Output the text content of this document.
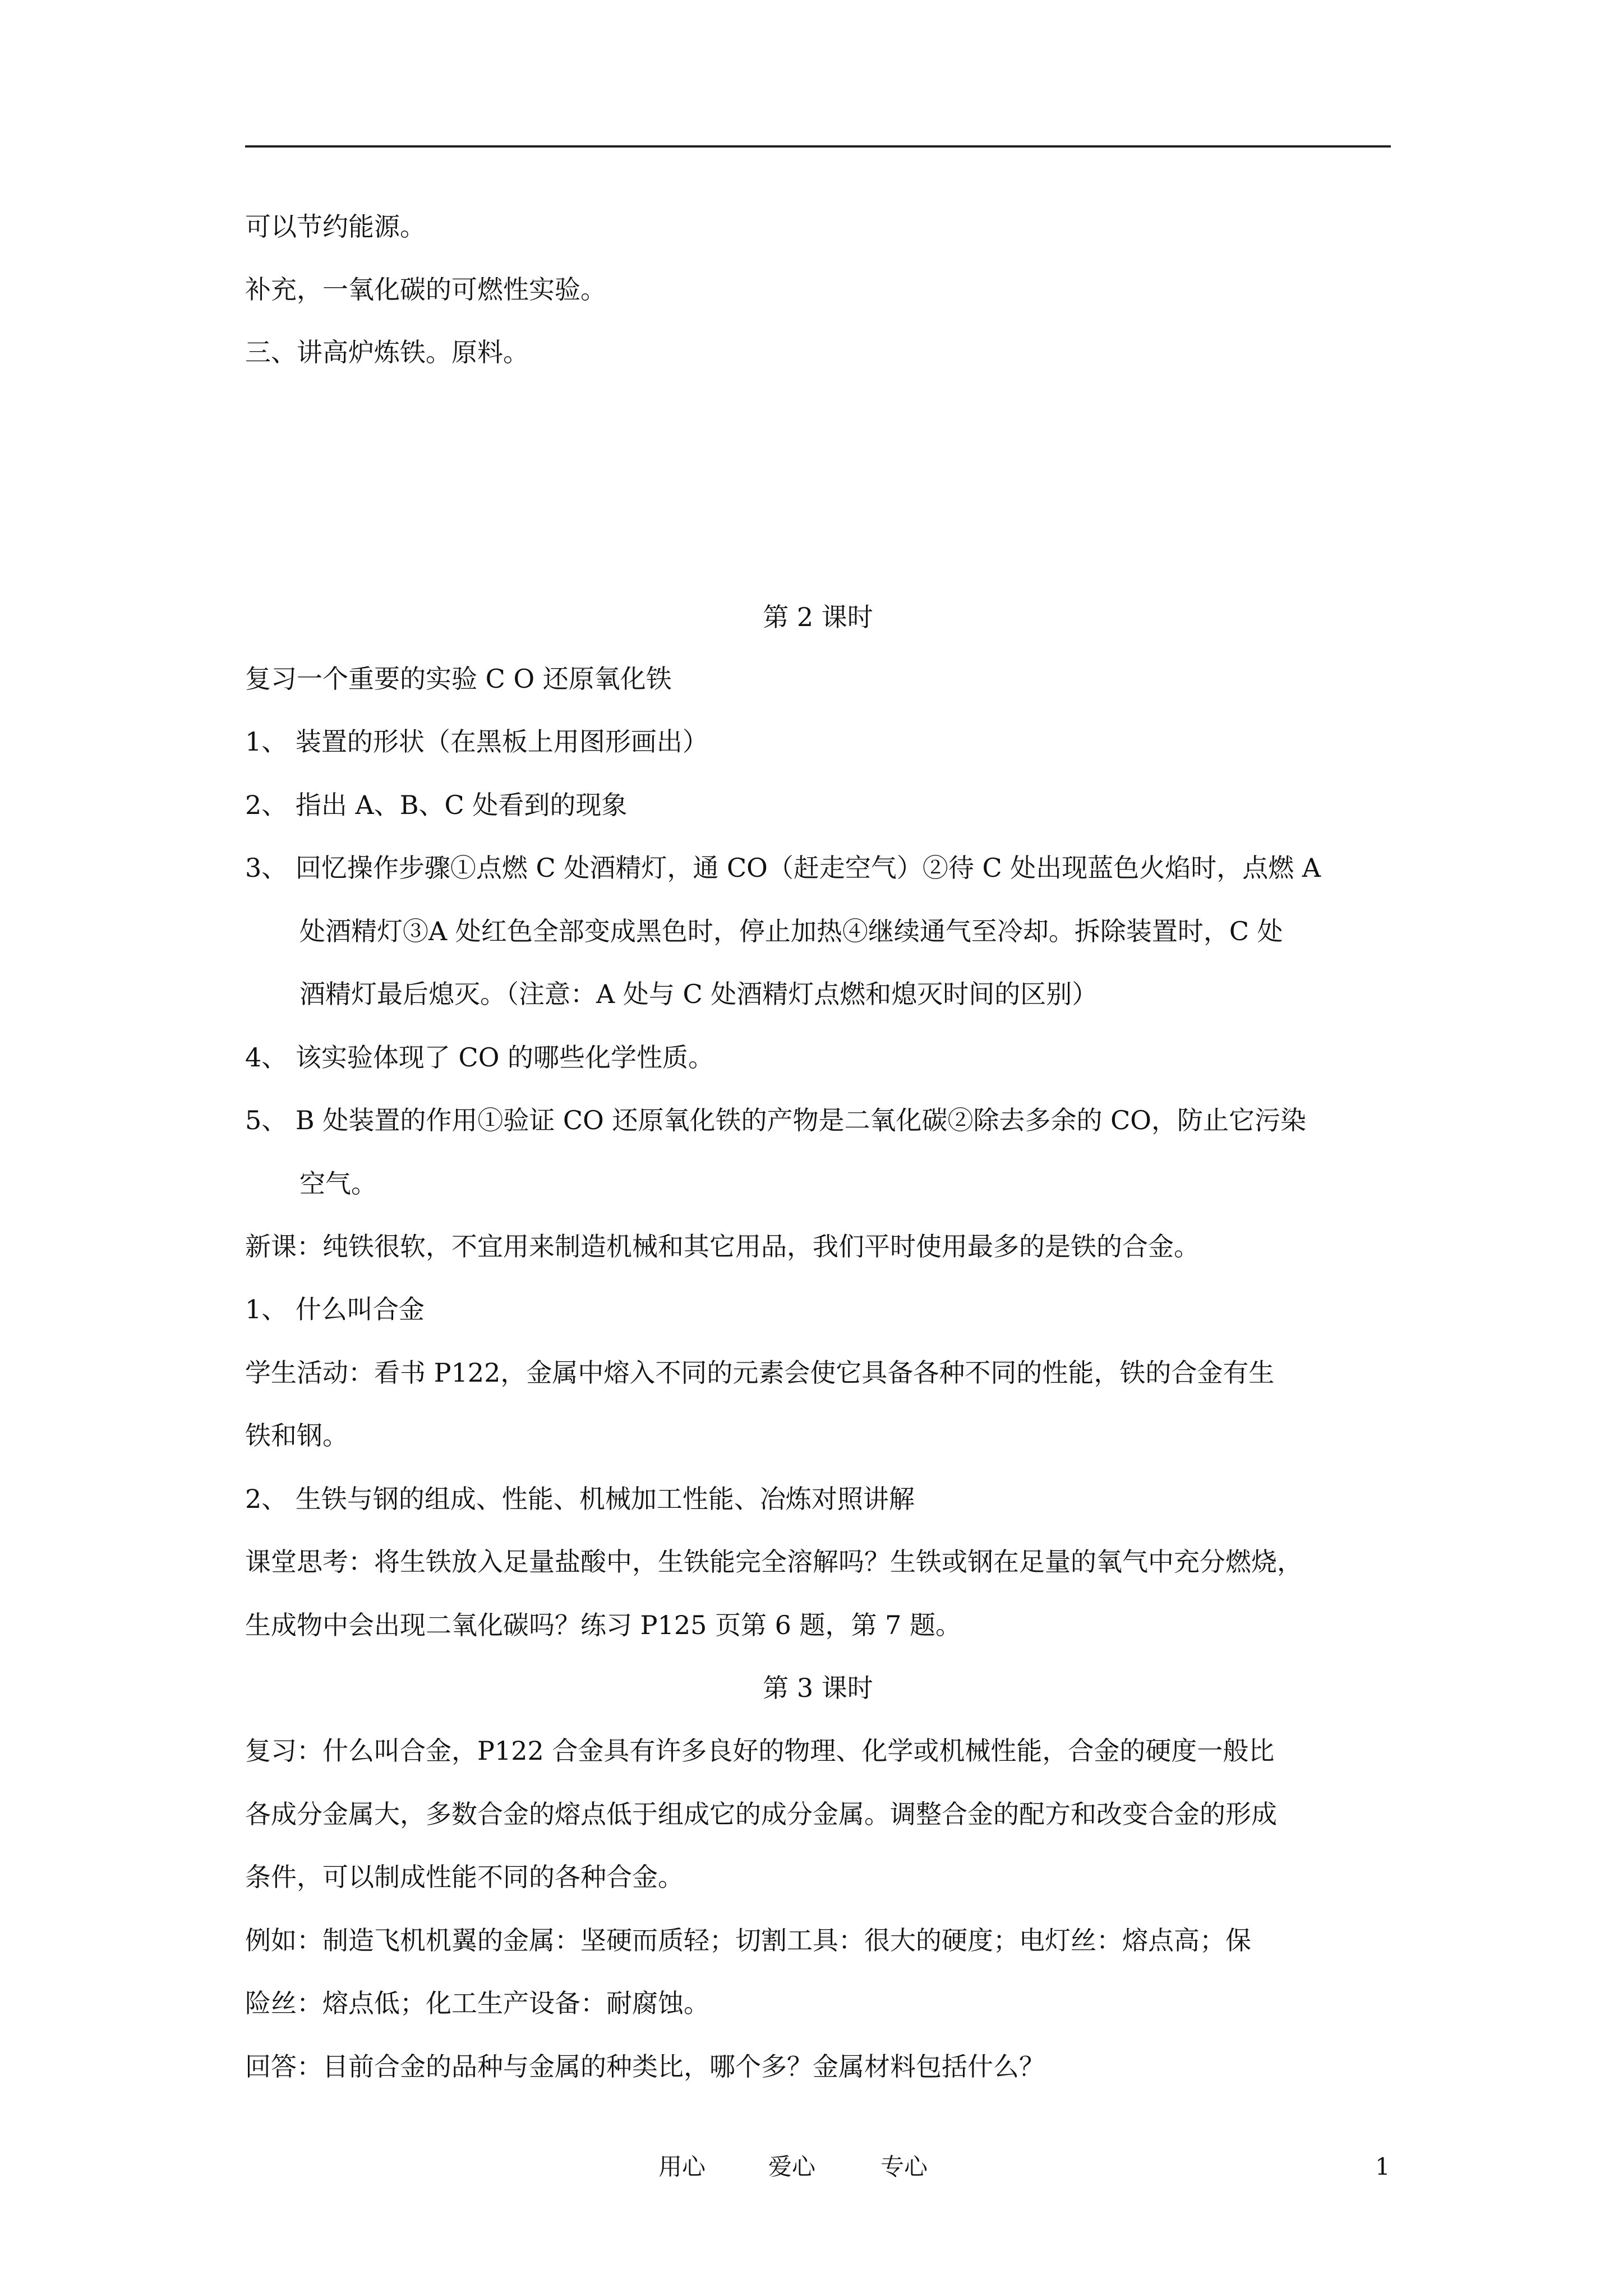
可以节约能源。
补充，一氧化碳的可燃性实验。
三、讲高炉炼铁。原料。
第 2 课时
复习一个重要的实验 C O 还原氧化铁
1、 装置的形状（在黑板上用图形画出）
2、 指出 A、B、C 处看到的现象
3、 回忆操作步骤①点燃 C 处酒精灯，通 CO（赶走空气）②待 C 处出现蓝色火焰时，点燃 A
处酒精灯③A 处红色全部变成黑色时，停止加热④继续通气至冷却。拆除装置时，C 处
酒精灯最后熄灭。（注意：A 处与 C 处酒精灯点燃和熄灭时间的区别）
4、 该实验体现了 CO 的哪些化学性质。
5、 B 处装置的作用①验证 CO 还原氧化铁的产物是二氧化碳②除去多余的 CO，防止它污染
空气。
新课：纯铁很软，不宜用来制造机械和其它用品，我们平时使用最多的是铁的合金。
1、 什么叫合金
学生活动：看书 P122，金属中熔入不同的元素会使它具备各种不同的性能，铁的合金有生
铁和钢。
2、 生铁与钢的组成、性能、机械加工性能、冶炼对照讲解
课堂思考：将生铁放入足量盐酸中，生铁能完全溶解吗？生铁或钢在足量的氧气中充分燃烧，
生成物中会出现二氧化碳吗？练习 P125 页第 6 题，第 7 题。
第 3 课时
复习：什么叫合金，P122 合金具有许多良好的物理、化学或机械性能，合金的硬度一般比
各成分金属大，多数合金的熔点低于组成它的成分金属。调整合金的配方和改变合金的形成
条件，可以制成性能不同的各种合金。
例如：制造飞机机翼的金属：坚硬而质轻；切割工具：很大的硬度；电灯丝：熔点高；保
险丝：熔点低；化工生产设备：耐腐蚀。
回答：目前合金的品种与金属的种类比，哪个多？金属材料包括什么？
用心	爱心	专心	1
